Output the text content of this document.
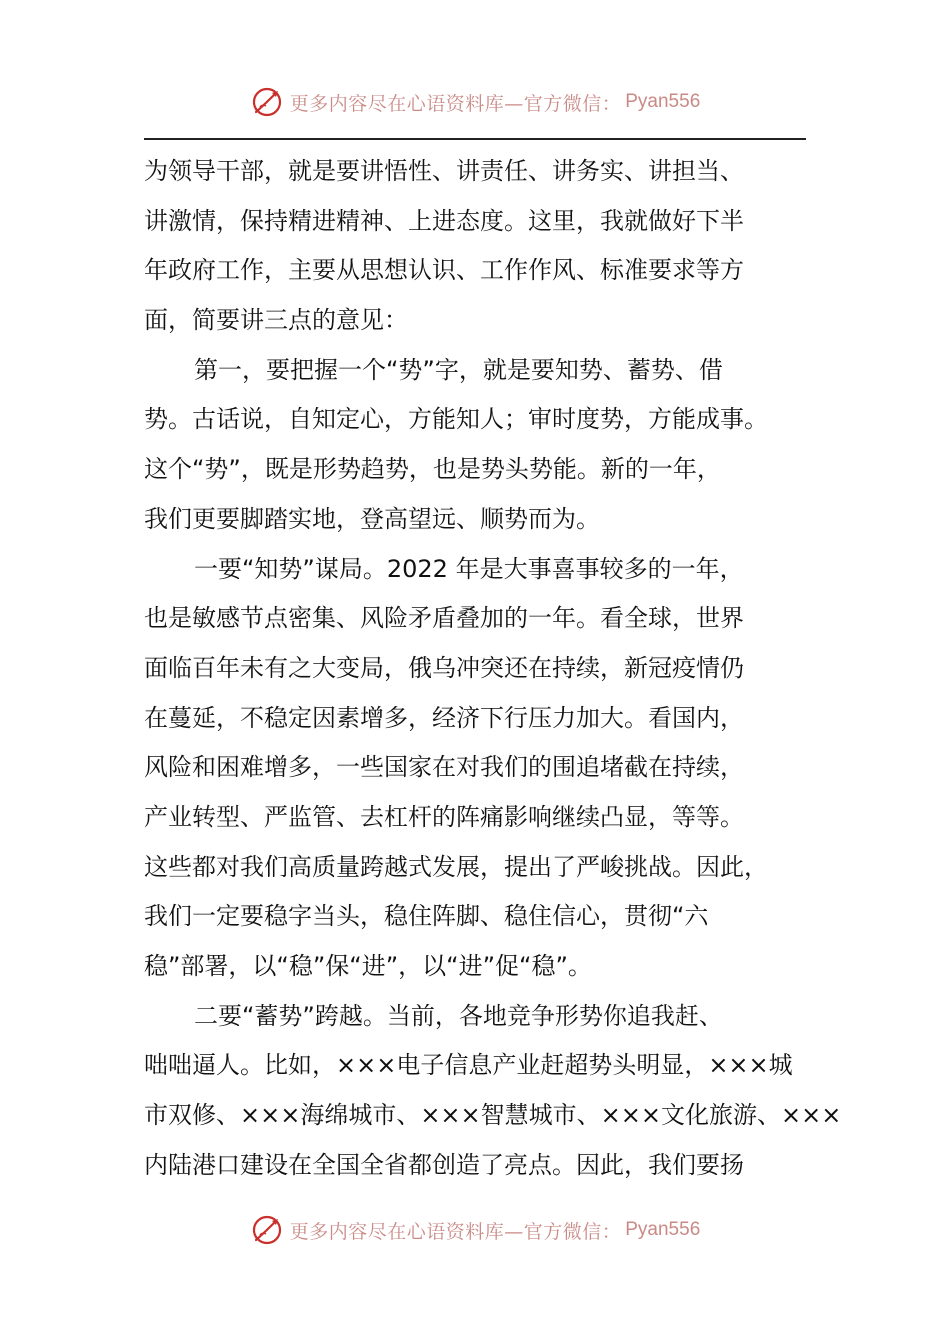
更多内容尽在心语资料库—官方微信： Pyan556
为领导干部，就是要讲悟性、讲责任、讲务实、讲担当、
讲激情，保持精进精神、上进态度。这里，我就做好下半
年政府工作，主要从思想认识、工作作风、标准要求等方
面，简要讲三点的意见：
第一，要把握一个“势”字，就是要知势、蓄势、借
势。古话说，自知定心，方能知人；审时度势，方能成事。
这个“势”，既是形势趋势，也是势头势能。新的一年，
我们更要脚踏实地，登高望远、顺势而为。
一要“知势”谋局。2022 年是大事喜事较多的一年，
也是敏感节点密集、风险矛盾叠加的一年。看全球，世界
面临百年未有之大变局，俄乌冲突还在持续，新冠疫情仍
在蔓延，不稳定因素增多，经济下行压力加大。看国内，
风险和困难增多，一些国家在对我们的围追堵截在持续，
产业转型、严监管、去杠杆的阵痛影响继续凸显，等等。
这些都对我们高质量跨越式发展，提出了严峻挑战。因此，
我们一定要稳字当头，稳住阵脚、稳住信心，贯彻“六
稳”部署，以“稳”保“进”，以“进”促“稳”。
二要“蓄势”跨越。当前，各地竞争形势你追我赶、
咄咄逼人。比如，×××电子信息产业赶超势头明显，×××城
市双修、×××海绵城市、×××智慧城市、×××文化旅游、×××
内陆港口建设在全国全省都创造了亮点。因此，我们要扬
更多内容尽在心语资料库—官方微信： Pyan556
